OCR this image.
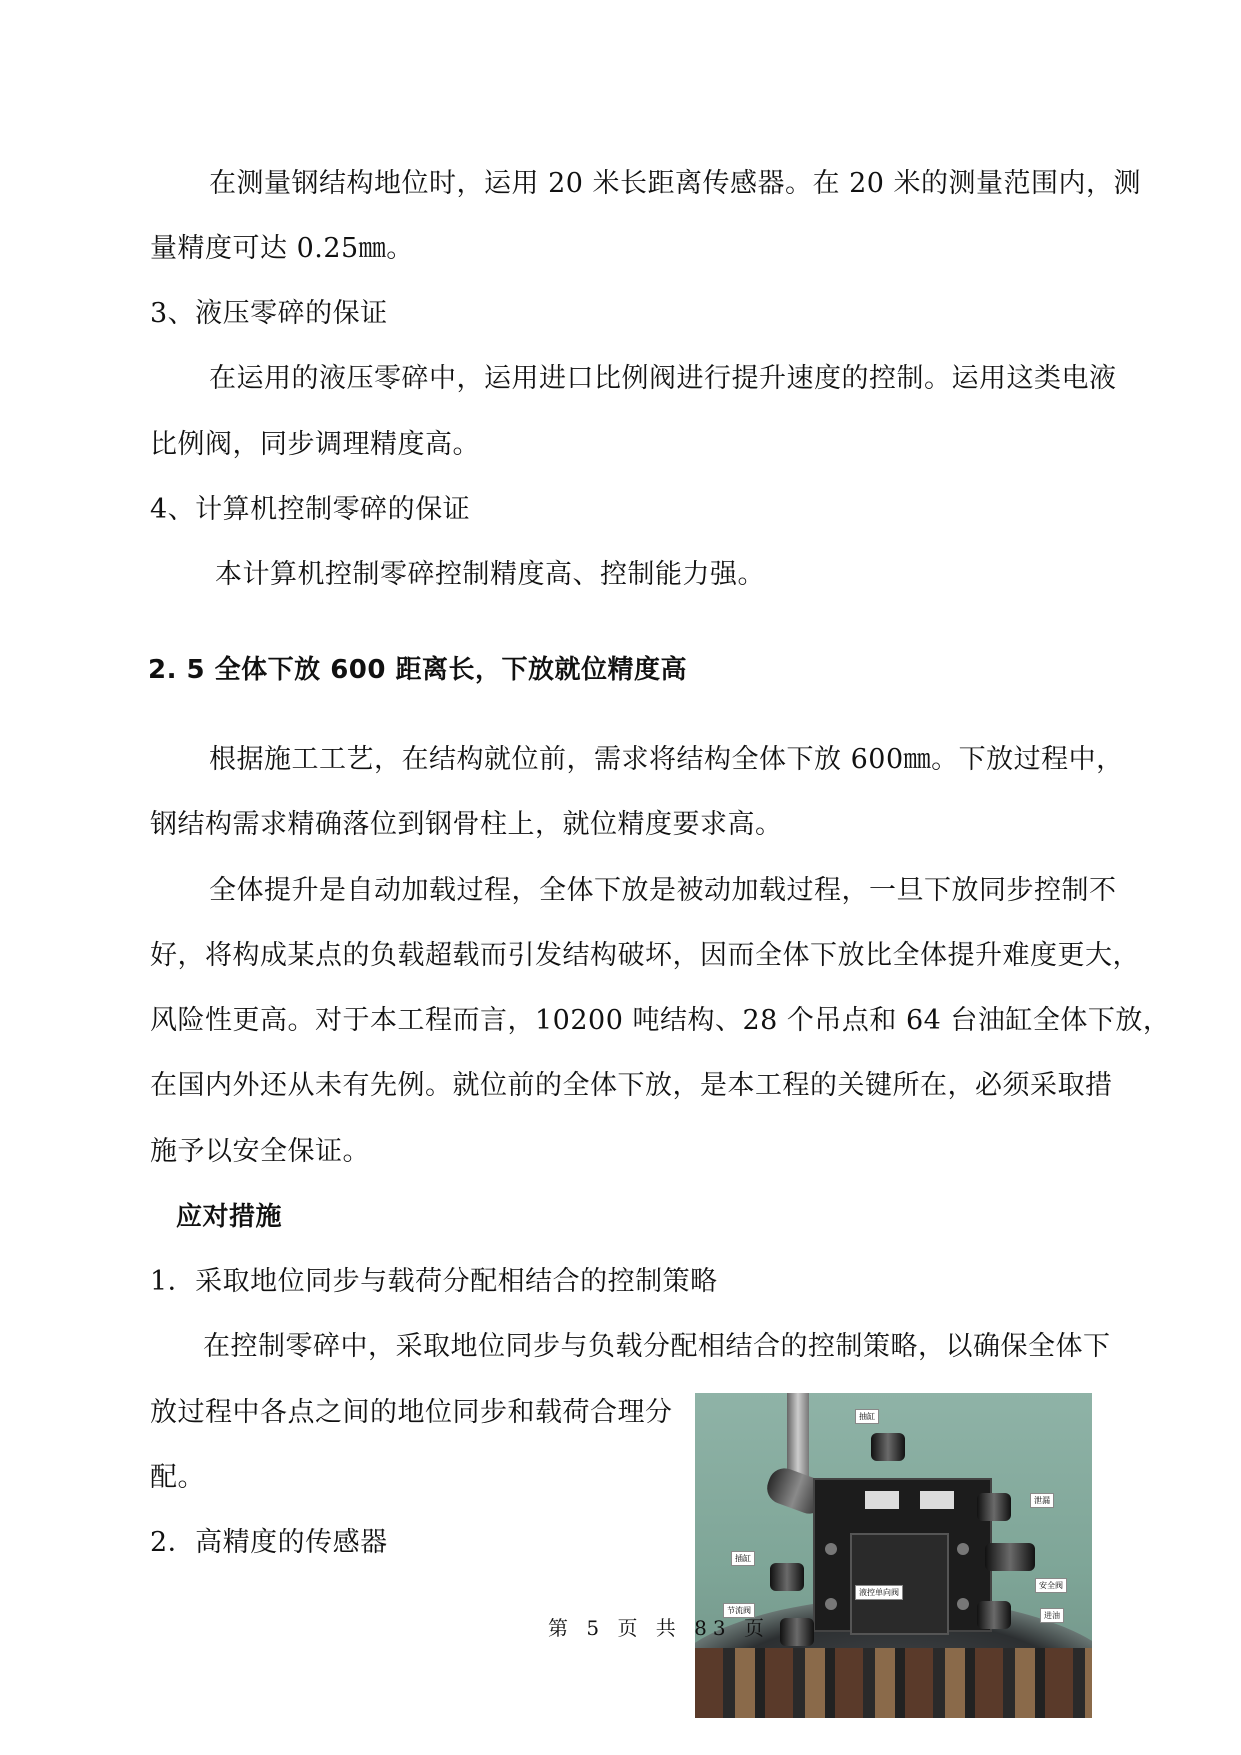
在测量钢结构地位时，运用 20 米长距离传感器。在 20 米的测量范围内，测
量精度可达 0.25㎜。
3、液压零碎的保证
在运用的液压零碎中，运用进口比例阀进行提升速度的控制。运用这类电液
比例阀，同步调理精度高。
4、计算机控制零碎的保证
本计算机控制零碎控制精度高、控制能力强。
2. 5 全体下放 600 距离长，下放就位精度高
根据施工工艺，在结构就位前，需求将结构全体下放 600㎜。下放过程中，
钢结构需求精确落位到钢骨柱上，就位精度要求高。
全体提升是自动加载过程，全体下放是被动加载过程，一旦下放同步控制不
好，将构成某点的负载超载而引发结构破坏，因而全体下放比全体提升难度更大，
风险性更高。对于本工程而言，10200 吨结构、28 个吊点和 64 台油缸全体下放，
在国内外还从未有先例。就位前的全体下放，是本工程的关键所在，必须采取措
施予以安全保证。
应对措施
1．采取地位同步与载荷分配相结合的控制策略
在控制零碎中，采取地位同步与负载分配相结合的控制策略，以确保全体下
放过程中各点之间的地位同步和载荷合理分
配。
2．高精度的传感器
抽缸
泄漏
插缸
液控单向阀
安全阀
节流阀
进油
第 5 页 共 83 页
